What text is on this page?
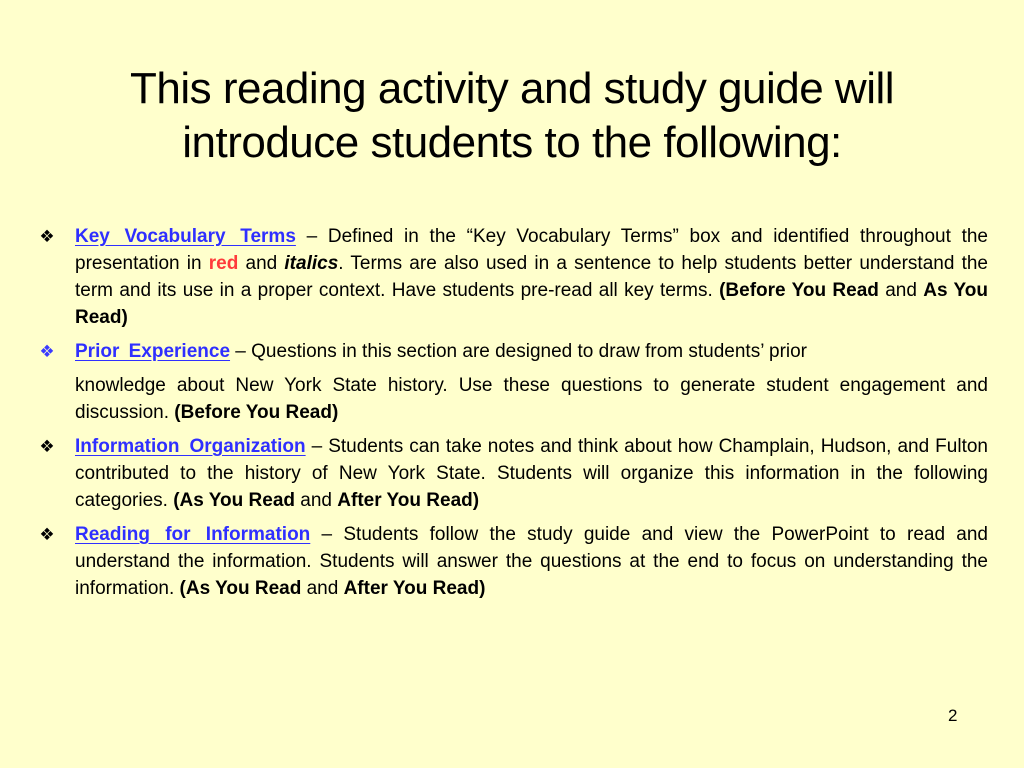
This reading activity and study guide will
introduce students to the following:
❖ Key Vocabulary Terms – Defined in the “Key Vocabulary Terms” box and identified throughout the presentation in red and italics. Terms are also used in a sentence to help students better understand the term and its use in a proper context. Have students pre-read all key terms. (Before You Read and As You Read)
❖ Prior Experience – Questions in this section are designed to draw from students’ prior
knowledge about New York State history. Use these questions to generate student engagement and discussion. (Before You Read)
❖ Information Organization – Students can take notes and think about how Champlain, Hudson, and Fulton contributed to the history of New York State. Students will organize this information in the following categories. (As You Read and After You Read)
❖ Reading for Information – Students follow the study guide and view the PowerPoint to read and understand the information. Students will answer the questions at the end to focus on understanding the information. (As You Read and After You Read)
2
